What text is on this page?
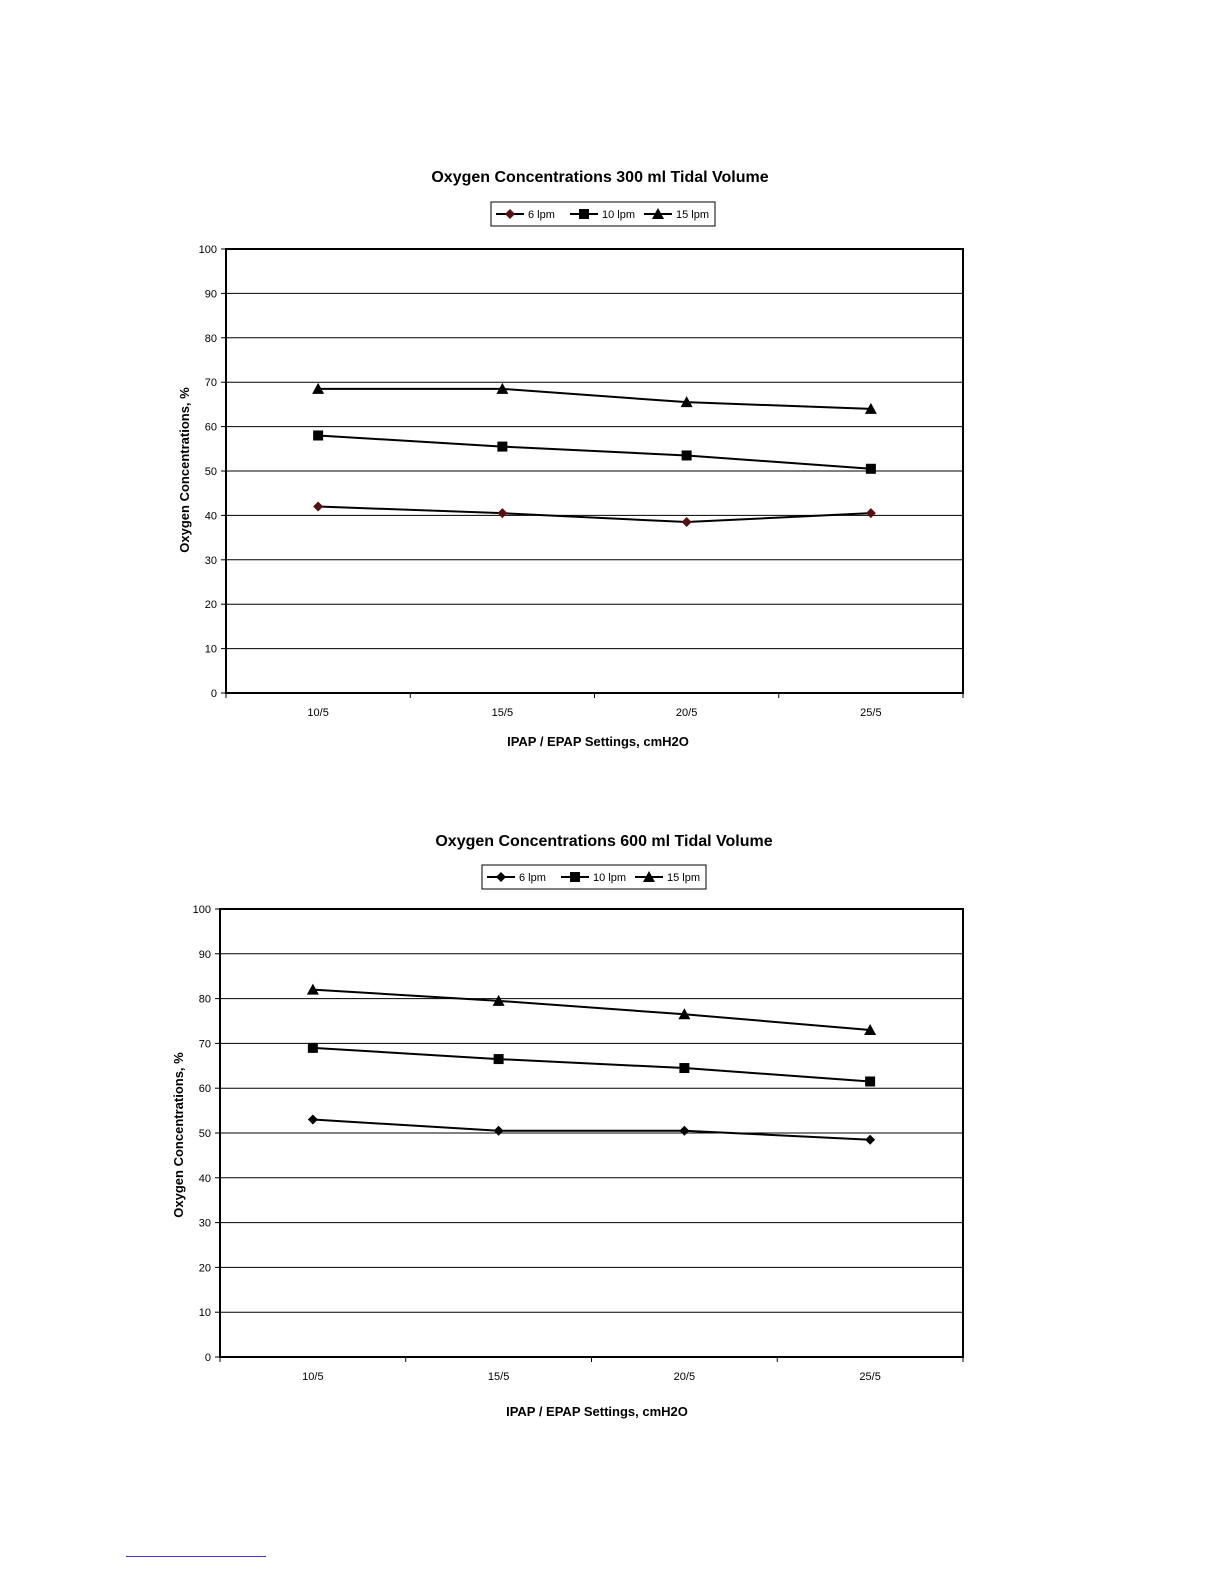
Oxygen Concentrations 300 ml Tidal Volume
6 lpm	10 lpm	15 lpm
0
10
20
30
40
50
60
70
80
90
100
10/5	15/5	20/5	25/5
IPAP / EPAP Settings, cmH2O
Oxygen Concentrations, %
Oxygen Concentrations 600 ml Tidal Volume
6 lpm	10 lpm	15 lpm
0
10
20
30
40
50
60
70
80
90
100
10/5	15/5	20/5	25/5
IPAP / EPAP Settings, cmH2O
Oxygen Concentrations, %
